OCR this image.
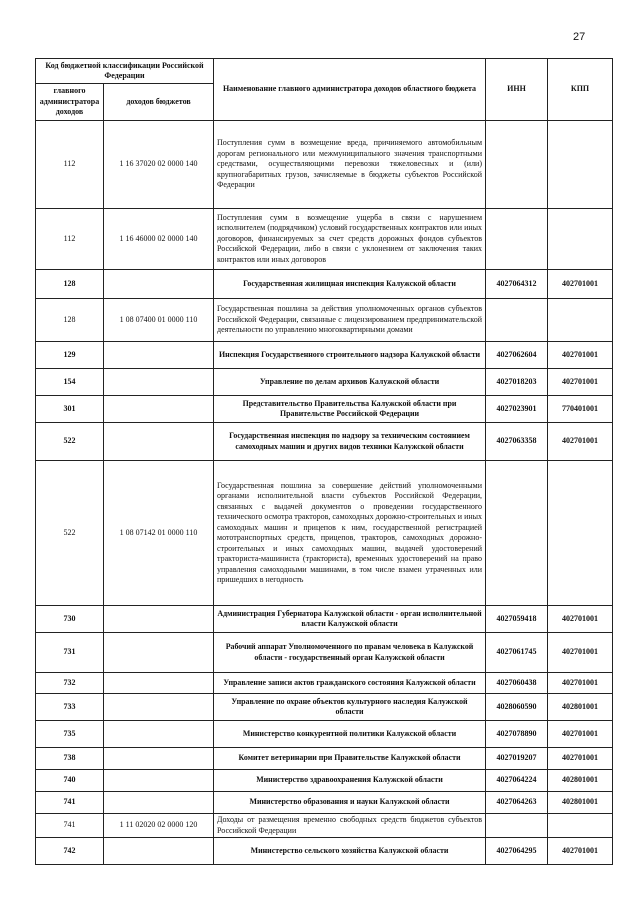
27
Код бюджетной классификации Российской Федерации		Наименование главного администратора доходов областного бюджета	ИНН	КПП
главного администратора доходов	доходов бюджетов			
112	1 16 37020 02 0000 140	Поступления сумм в возмещение вреда, причиняемого автомобильным дорогам регионального или межмуниципального значения транспортными средствами, осуществляющими перевозки тяжеловесных и (или) крупногабаритных грузов, зачисляемые в бюджеты субъектов Российской Федерации		
112	1 16 46000 02 0000 140	Поступления сумм в возмещение ущерба в связи с нарушением исполнителем (подрядчиком) условий государственных контрактов или иных договоров, финансируемых за счет средств дорожных фондов субъектов Российской Федерации, либо в связи с уклонением от заключения таких контрактов или иных договоров		
128		Государственная жилищная инспекция Калужской области	4027064312	402701001
128	1 08 07400 01 0000 110	Государственная пошлина за действия уполномоченных органов субъектов Российской Федерации, связанные с лицензированием предпринимательской деятельности по управлению многоквартирными домами		
129		Инспекция Государственного строительного надзора Калужской области	4027062604	402701001
154		Управление по делам архивов Калужской области	4027018203	402701001
301		Представительство Правительства Калужской области при Правительстве Российской Федерации	4027023901	770401001
522		Государственная инспекция по надзору за техническим состоянием самоходных машин и других видов техники Калужской области	4027063358	402701001
522	1 08 07142 01 0000 110	Государственная пошлина за совершение действий уполномоченными органами исполнительной власти субъектов Российской Федерации, связанных с выдачей документов о проведении государственного технического осмотра тракторов, самоходных дорожно-строительных и иных самоходных машин и прицепов к ним, государственной регистрацией мототранспортных средств, прицепов, тракторов, самоходных дорожно-строительных и иных самоходных машин, выдачей удостоверений тракториста-машиниста (тракториста), временных удостоверений на право управления самоходными машинами, в том числе взамен утраченных или пришедших в негодность		
730		Администрация Губернатора Калужской области - орган исполнительной власти Калужской области	4027059418	402701001
731		Рабочий аппарат Уполномоченного по правам человека в Калужской области - государственный орган Калужской области	4027061745	402701001
732		Управление записи актов гражданского состояния Калужской области	4027060438	402701001
733		Управление по охране объектов культурного наследия Калужской области	4028060590	402801001
735		Министерство конкурентной политики Калужской области	4027078890	402701001
738		Комитет ветеринарии при Правительстве Калужской области	4027019207	402701001
740		Министерство здравоохранения Калужской области	4027064224	402801001
741		Министерство образования и науки Калужской области	4027064263	402801001
741	1 11 02020 02 0000 120	Доходы от размещения временно свободных средств бюджетов субъектов Российской Федерации		
742		Министерство сельского хозяйства Калужской области	4027064295	402701001
